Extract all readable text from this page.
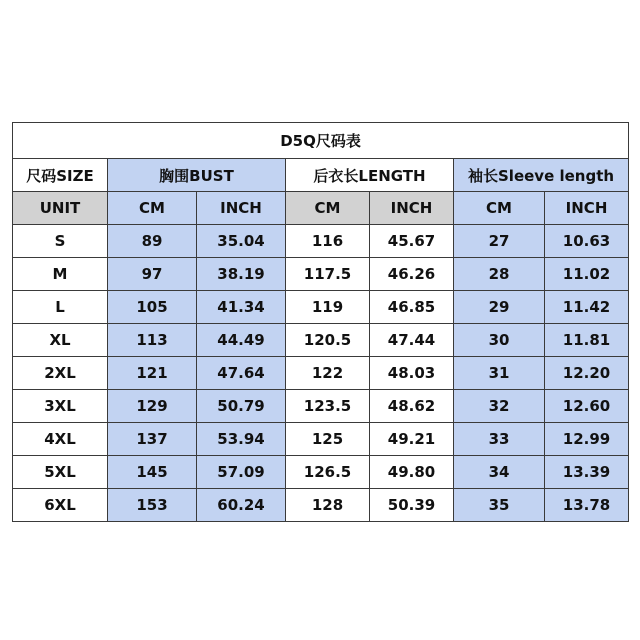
D5Q尺码表						
尺码SIZE	胸围BUST		后衣长LENGTH		袖长Sleeve length	
UNIT	CM	INCH	CM	INCH	CM	INCH
S	89	35.04	116	45.67	27	10.63
M	97	38.19	117.5	46.26	28	11.02
L	105	41.34	119	46.85	29	11.42
XL	113	44.49	120.5	47.44	30	11.81
2XL	121	47.64	122	48.03	31	12.20
3XL	129	50.79	123.5	48.62	32	12.60
4XL	137	53.94	125	49.21	33	12.99
5XL	145	57.09	126.5	49.80	34	13.39
6XL	153	60.24	128	50.39	35	13.78
